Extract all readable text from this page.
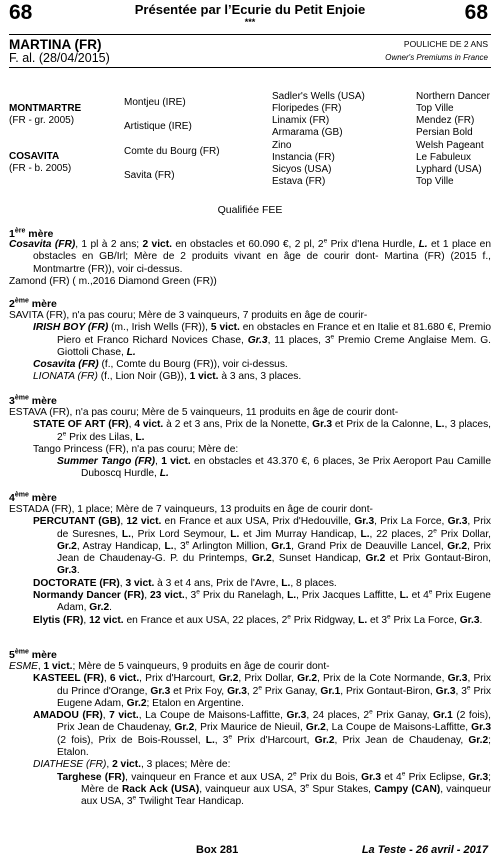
68	68
Présentée par l’Ecurie du Petit Enjoie
***
MARTINA (FR)
F. al. (28/04/2015)
POULICHE DE 2 ANS
Owner's Premiums in France
MONTMARTRE
(FR - gr. 2005)
COSAVITA
(FR - b. 2005)
Montjeu (IRE)
Artistique (IRE)
Comte du Bourg (FR)
Savita (FR)
Sadler's Wells (USA)
Floripedes (FR)
Linamix (FR)
Armarama (GB)
Zino
Instancia (FR)
Sicyos (USA)
Estava (FR)
Northern Dancer
Top Ville
Mendez (FR)
Persian Bold
Welsh Pageant
Le Fabuleux
Lyphard (USA)
Top Ville
Qualifiée FEE
1ère mère

Cosavita (FR), 1 pl à 2 ans; 2 vict. en obstacles et 60.090 €, 2 pl, 2e Prix d'Iena Hurdle, L. et 1 place en obstacles en GB/Irl; Mère de 2 produits vivant en âge de courir dont- Martina (FR) (2015 f., Montmartre (FR)), voir ci-dessus.

Zamond (FR) ( m.,2016 Diamond Green (FR))

2ème mère

SAVITA (FR), n'a pas couru; Mère de 3 vainqueurs, 7 produits en âge de courir-

IRISH BOY (FR) (m., Irish Wells (FR)), 5 vict. en obstacles en France et en Italie et 81.680 €, Premio Piero et Franco Richard Novices Chase, Gr.3, 11 places, 3e Premio Creme Anglaise Mem. G. Giottoli Chase, L.

Cosavita (FR) (f., Comte du Bourg (FR)), voir ci-dessus.

LIONATA (FR) (f., Lion Noir (GB)), 1 vict. à 3 ans, 3 places.

3ème mère

ESTAVA (FR), n'a pas couru; Mère de 5 vainqueurs, 11 produits en âge de courir dont-

STATE OF ART (FR), 4 vict. à 2 et 3 ans, Prix de la Nonette, Gr.3 et Prix de la Calonne, L., 3 places, 2e Prix des Lilas, L.

Tango Princess (FR), n'a pas couru; Mère de:

Summer Tango (FR), 1 vict. en obstacles et 43.370 €, 6 places, 3e Prix Aeroport Pau Camille Duboscq Hurdle, L.

4ème mère

ESTADA (FR), 1 place; Mère de 7 vainqueurs, 13 produits en âge de courir dont-

PERCUTANT (GB), 12 vict. en France et aux USA, Prix d'Hedouville, Gr.3, Prix La Force, Gr.3, Prix de Suresnes, L., Prix Lord Seymour, L. et Jim Murray Handicap, L., 22 places, 2e Prix Dollar, Gr.2, Astray Handicap, L., 3e Arlington Million, Gr.1, Grand Prix de Deauville Lancel, Gr.2, Prix Jean de Chaudenay-G. P. du Printemps, Gr.2, Sunset Handicap, Gr.2 et Prix Gontaut-Biron, Gr.3.

DOCTORATE (FR), 3 vict. à 3 et 4 ans, Prix de l'Avre, L., 8 places.

Normandy Dancer (FR), 23 vict., 3e Prix du Ranelagh, L., Prix Jacques Laffitte, L. et 4e Prix Eugene Adam, Gr.2.

Elytis (FR), 12 vict. en France et aux USA, 22 places, 2e Prix Ridgway, L. et 3e Prix La Force, Gr.3.

5ème mère

ESME, 1 vict.; Mère de 5 vainqueurs, 9 produits en âge de courir dont-

KASTEEL (FR), 6 vict., Prix d'Harcourt, Gr.2, Prix Dollar, Gr.2, Prix de la Cote Normande, Gr.3, Prix du Prince d'Orange, Gr.3 et Prix Foy, Gr.3, 2e Prix Ganay, Gr.1, Prix Gontaut-Biron, Gr.3, 3e Prix Eugene Adam, Gr.2; Etalon en Argentine.

AMADOU (FR), 7 vict., La Coupe de Maisons-Laffitte, Gr.3, 24 places, 2e Prix Ganay, Gr.1 (2 fois), Prix Jean de Chaudenay, Gr.2, Prix Maurice de Nieuil, Gr.2, La Coupe de Maisons-Laffitte, Gr.3 (2 fois), Prix de Bois-Roussel, L., 3e Prix d'Harcourt, Gr.2, Prix Jean de Chaudenay, Gr.2; Etalon.

DIATHESE (FR), 2 vict., 3 places; Mère de:

Targhese (FR), vainqueur en France et aux USA, 2e Prix du Bois, Gr.3 et 4e Prix Eclipse, Gr.3; Mère de Rack Ack (USA), vainqueur aux USA, 3e Spur Stakes, Campy (CAN), vainqueur aux USA, 3e Twilight Tear Handicap.

Box 281	La Teste - 26 avril - 2017
